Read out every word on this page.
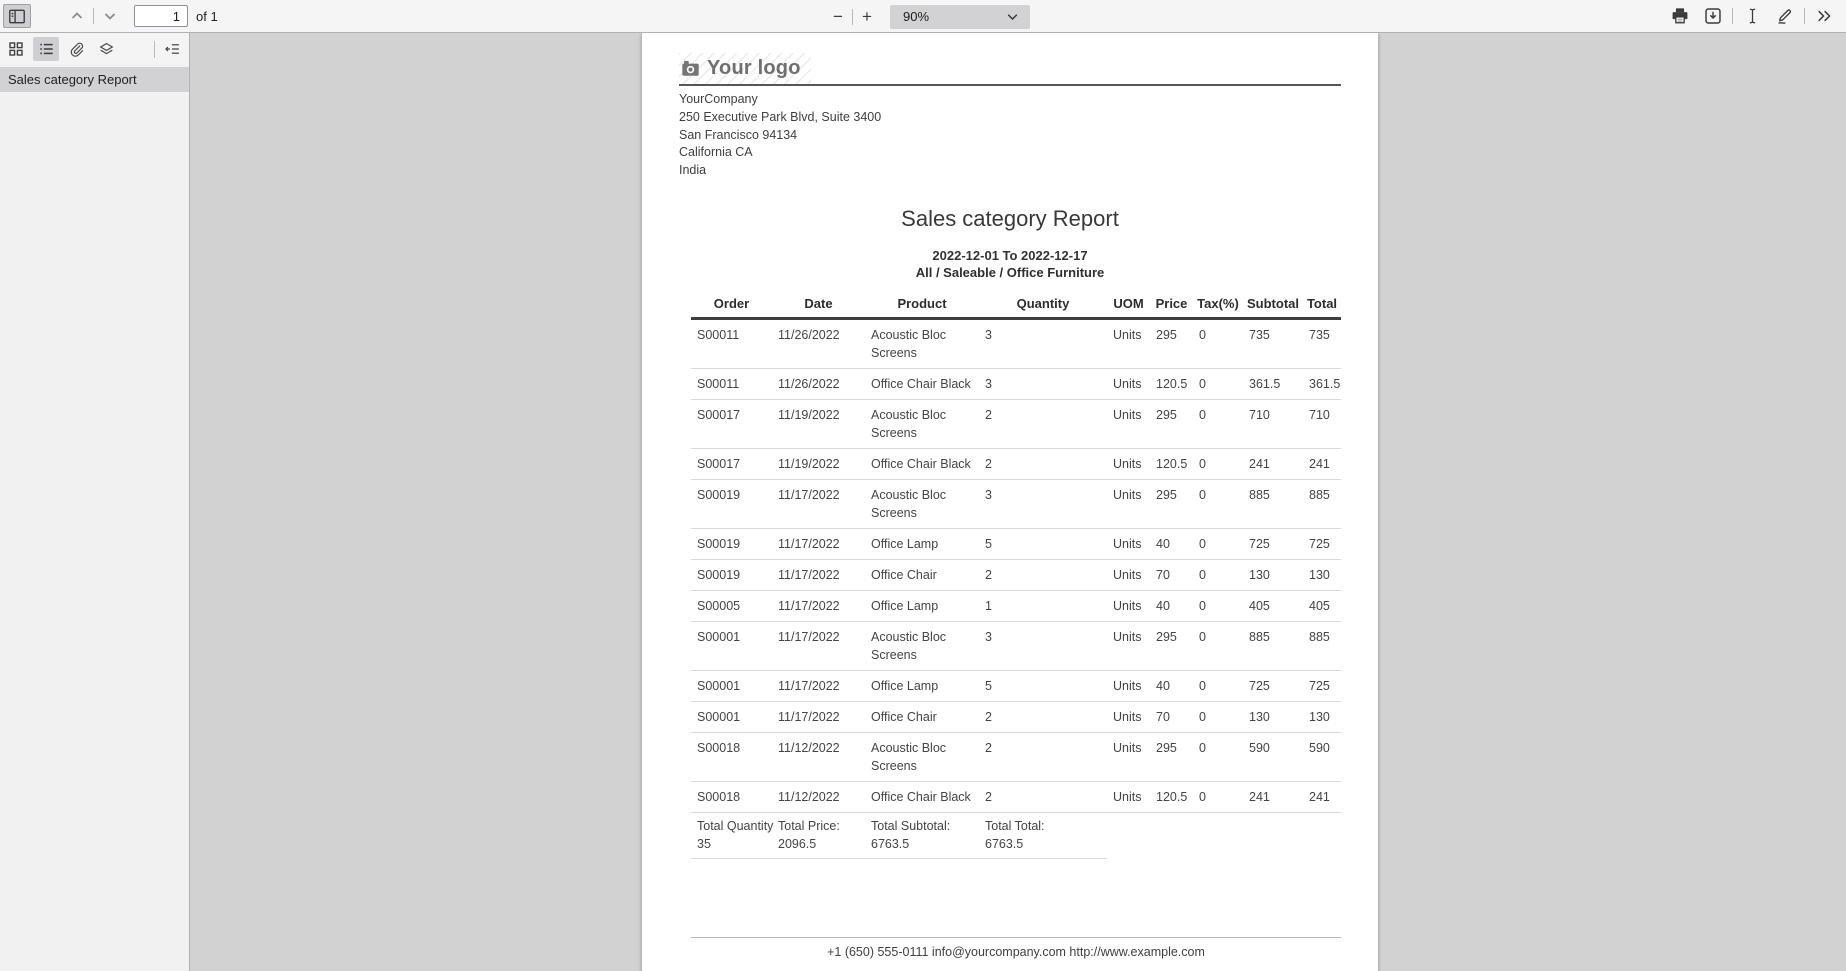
1
of 1	−	+	90%
Sales category Report
Your logo
YourCompany
250 Executive Park Blvd, Suite 3400
San Francisco 94134
California CA
India
Sales category Report
2022-12-01 To 2022-12-17
All / Saleable / Office Furniture
Order	Date	Product	Quantity	UOM	Price	Tax(%)	Subtotal	Total
S00011	11/26/2022	Acoustic Bloc Screens	3	Units	295	0	735	735
S00011	11/26/2022	Office Chair Black	3	Units	120.5	0	361.5	361.5
S00017	11/19/2022	Acoustic Bloc Screens	2	Units	295	0	710	710
S00017	11/19/2022	Office Chair Black	2	Units	120.5	0	241	241
S00019	11/17/2022	Acoustic Bloc Screens	3	Units	295	0	885	885
S00019	11/17/2022	Office Lamp	5	Units	40	0	725	725
S00019	11/17/2022	Office Chair	2	Units	70	0	130	130
S00005	11/17/2022	Office Lamp	1	Units	40	0	405	405
S00001	11/17/2022	Acoustic Bloc Screens	3	Units	295	0	885	885
S00001	11/17/2022	Office Lamp	5	Units	40	0	725	725
S00001	11/17/2022	Office Chair	2	Units	70	0	130	130
S00018	11/12/2022	Acoustic Bloc Screens	2	Units	295	0	590	590
S00018	11/12/2022	Office Chair Black	2	Units	120.5	0	241	241

Total Quantity
35

Total Price:
2096.5

Total Subtotal:
6763.5

Total Total:
6763.5

+1 (650) 555-0111 info@yourcompany.com http://www.example.com
